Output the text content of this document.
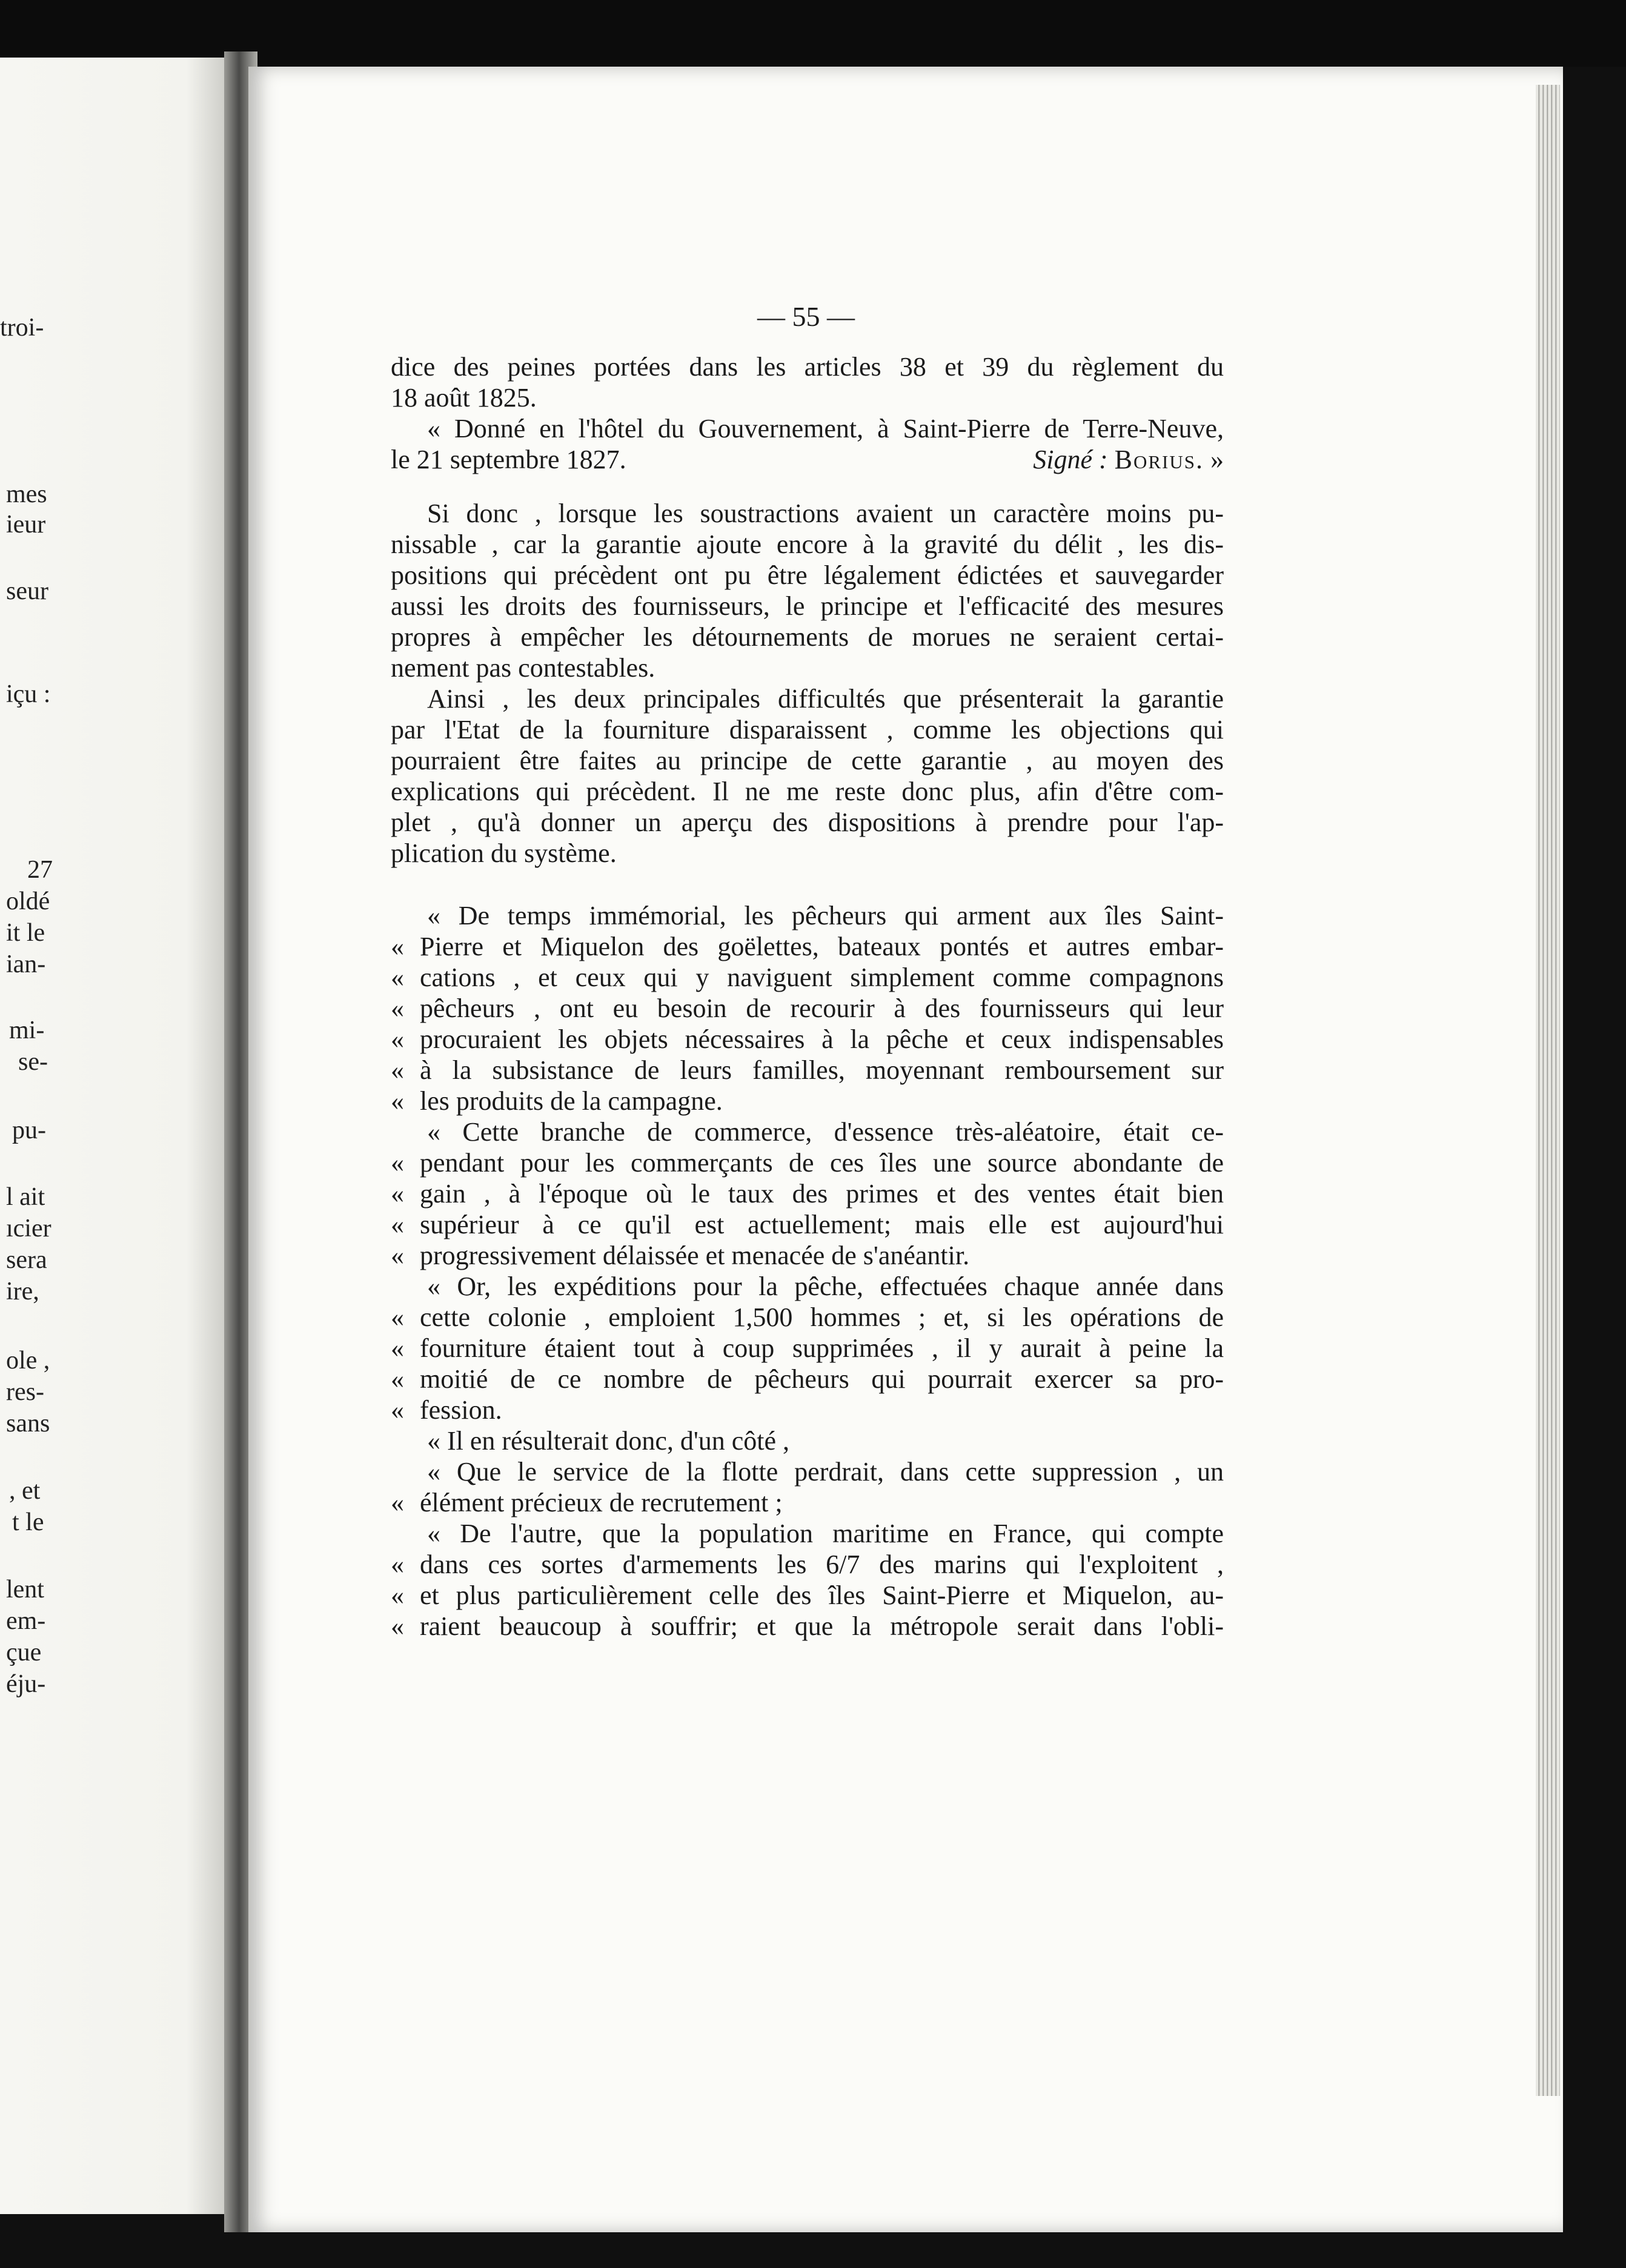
troi-
mes
ieur
seur
içu :
27
oldé
it le
ian-
mi-
se-
pu-
l ait
ıcier
sera
ire,
ole ,
res-
sans
, et
t le
lent
em-
çue
éju-
— 55 —
dice des peines portées dans les articles 38 et 39 du règlement du
18 août 1825.
« Donné en l'hôtel du Gouvernement, à Saint-Pierre de Terre-Neuve,
le 21 septembre 1827.	Signé : Borius. »
Si donc , lorsque les soustractions avaient un caractère moins pu-
nissable , car la garantie ajoute encore à la gravité du délit , les dis-
positions qui précèdent ont pu être légalement édictées et sauvegarder
aussi les droits des fournisseurs, le principe et l'efficacité des mesures
propres à empêcher les détournements de morues ne seraient certai-
nement pas contestables.
Ainsi , les deux principales difficultés que présenterait la garantie
par l'Etat de la fourniture disparaissent , comme les objections qui
pourraient être faites au principe de cette garantie , au moyen des
explications qui précèdent. Il ne me reste donc plus, afin d'être com-
plet , qu'à donner un aperçu des dispositions à prendre pour l'ap-
plication du système.
« De temps immémorial, les pêcheurs qui arment aux îles Saint-
« Pierre et Miquelon des goëlettes, bateaux pontés et autres embar-
« cations , et ceux qui y naviguent simplement comme compagnons
« pêcheurs , ont eu besoin de recourir à des fournisseurs qui leur
« procuraient les objets nécessaires à la pêche et ceux indispensables
« à la subsistance de leurs familles, moyennant remboursement sur
« les produits de la campagne.
« Cette branche de commerce, d'essence très-aléatoire, était ce-
« pendant pour les commerçants de ces îles une source abondante de
« gain , à l'époque où le taux des primes et des ventes était bien
« supérieur à ce qu'il est actuellement; mais elle est aujourd'hui
« progressivement délaissée et menacée de s'anéantir.
« Or, les expéditions pour la pêche, effectuées chaque année dans
« cette colonie , emploient 1,500 hommes ; et, si les opérations de
« fourniture étaient tout à coup supprimées , il y aurait à peine la
« moitié de ce nombre de pêcheurs qui pourrait exercer sa pro-
« fession.
« Il en résulterait donc, d'un côté ,
« Que le service de la flotte perdrait, dans cette suppression , un
« élément précieux de recrutement ;
« De l'autre, que la population maritime en France, qui compte
« dans ces sortes d'armements les 6/7 des marins qui l'exploitent ,
« et plus particulièrement celle des îles Saint-Pierre et Miquelon, au-
« raient beaucoup à souffrir; et que la métropole serait dans l'obli-
